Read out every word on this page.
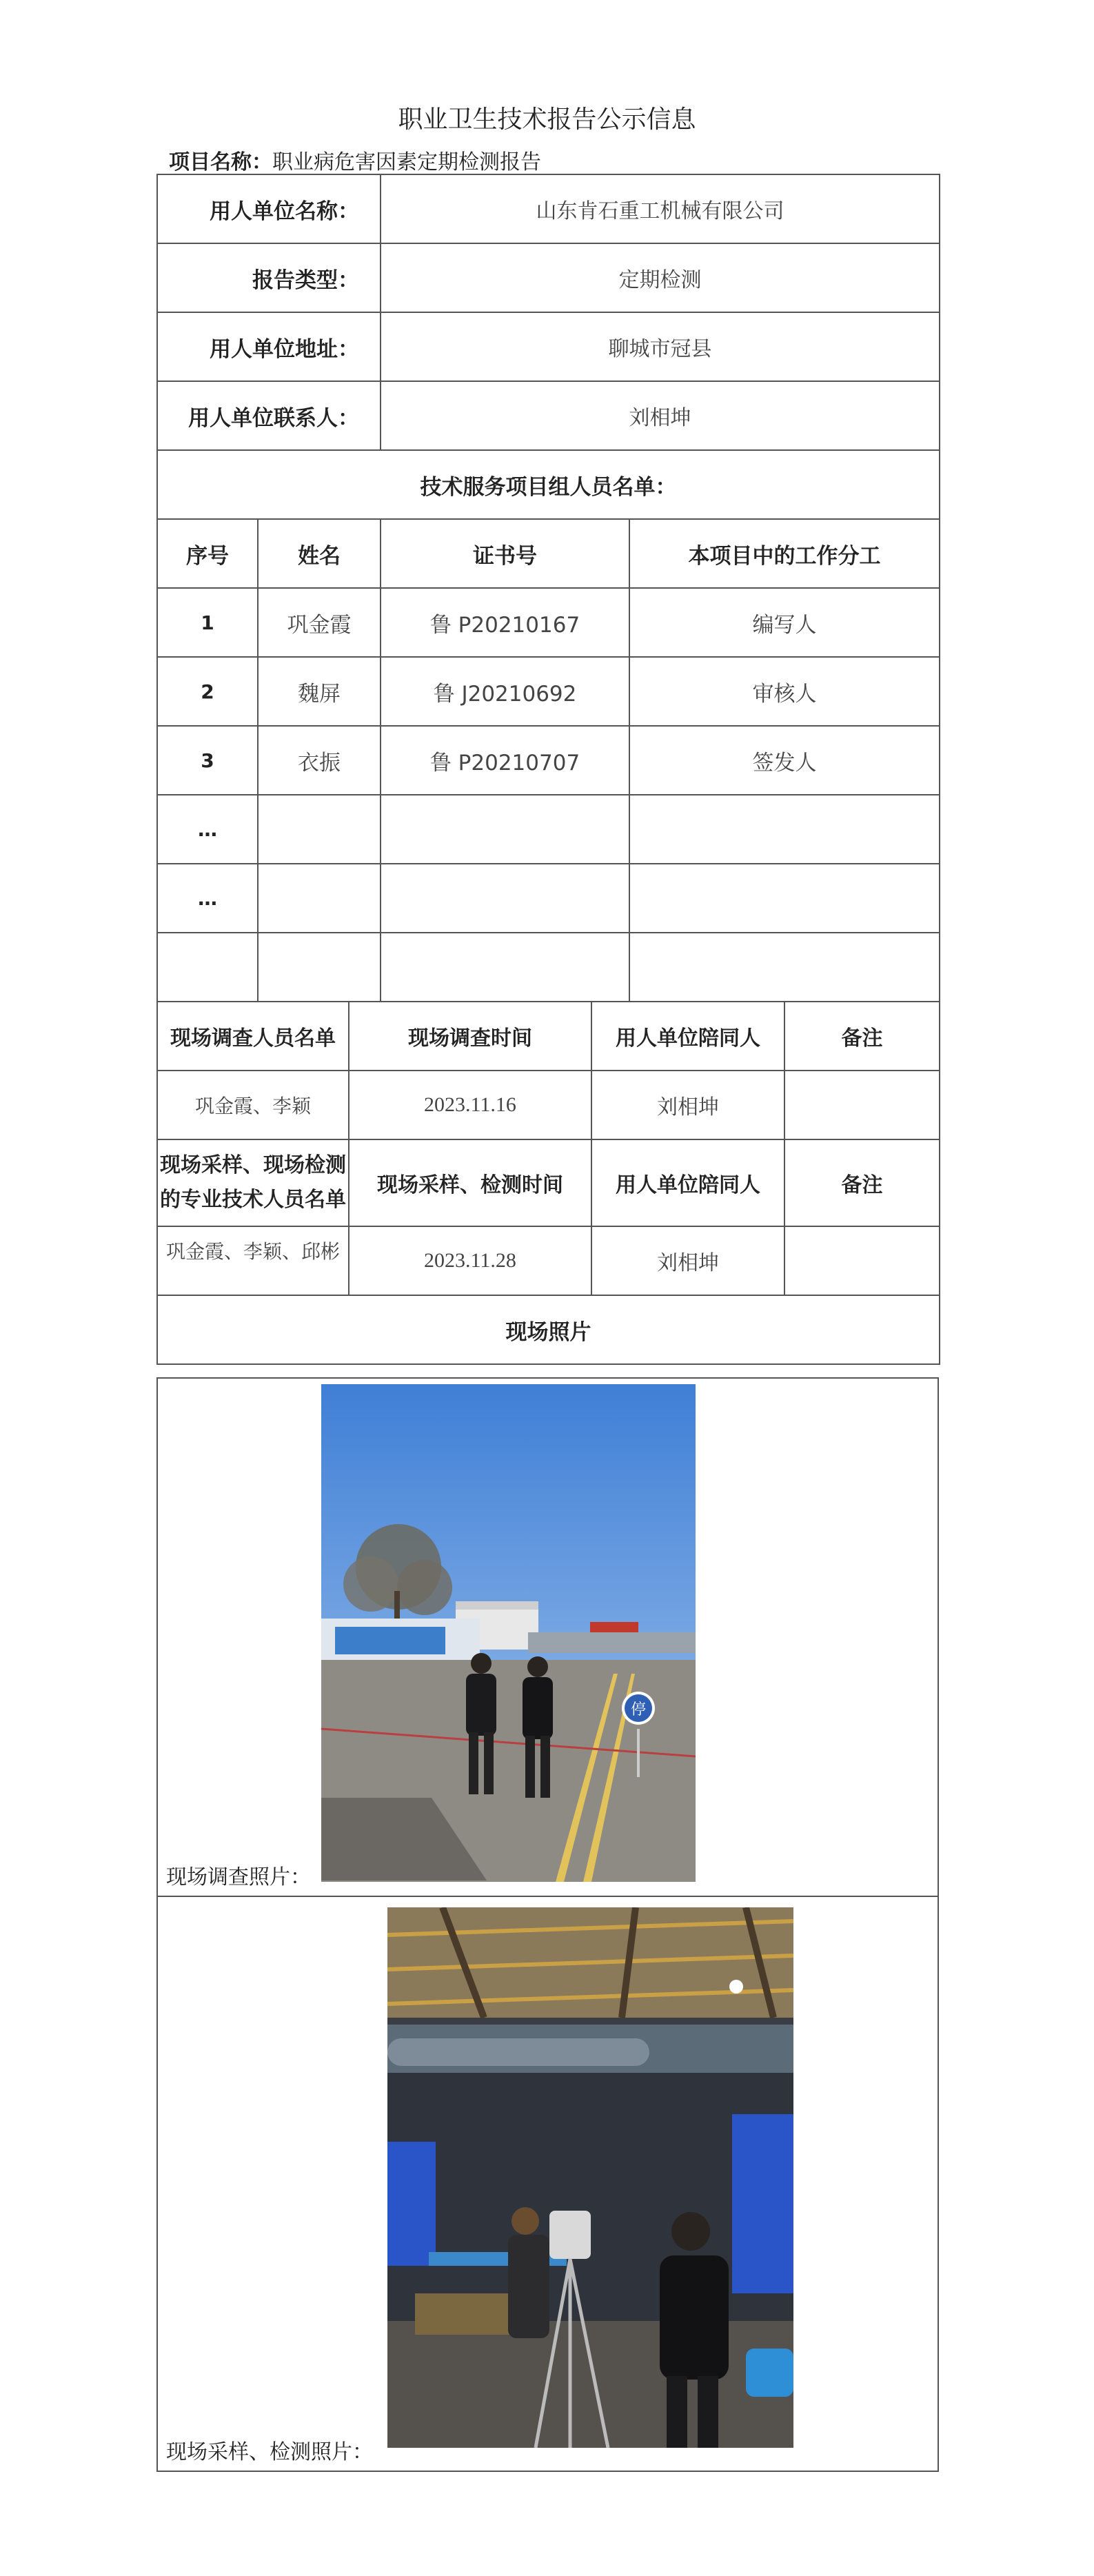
职业卫生技术报告公示信息
项目名称：职业病危害因素定期检测报告
用人单位名称：			山东肯石重工机械有限公司			
报告类型：			定期检测			
用人单位地址：			聊城市冠县			
用人单位联系人：			刘相坤			
技术服务项目组人员名单：						
序号	姓名		证书号		本项目中的工作分工	
1	巩金霞		鲁 P20210167		编写人	
2	魏屏		鲁 J20210692		审核人	
3	衣振		鲁 P20210707		签发人	
…						
…						

现场调查人员名单		现场调查时间		用人单位陪同人		备注
巩金霞、李颖		2023.11.16		刘相坤		
现场采样、现场检测的专业技术人员名单		现场采样、检测时间		用人单位陪同人		备注
巩金霞、李颖、邱彬		2023.11.28		刘相坤		
现场照片						
停
现场调查照片：

现场采样、检测照片：
